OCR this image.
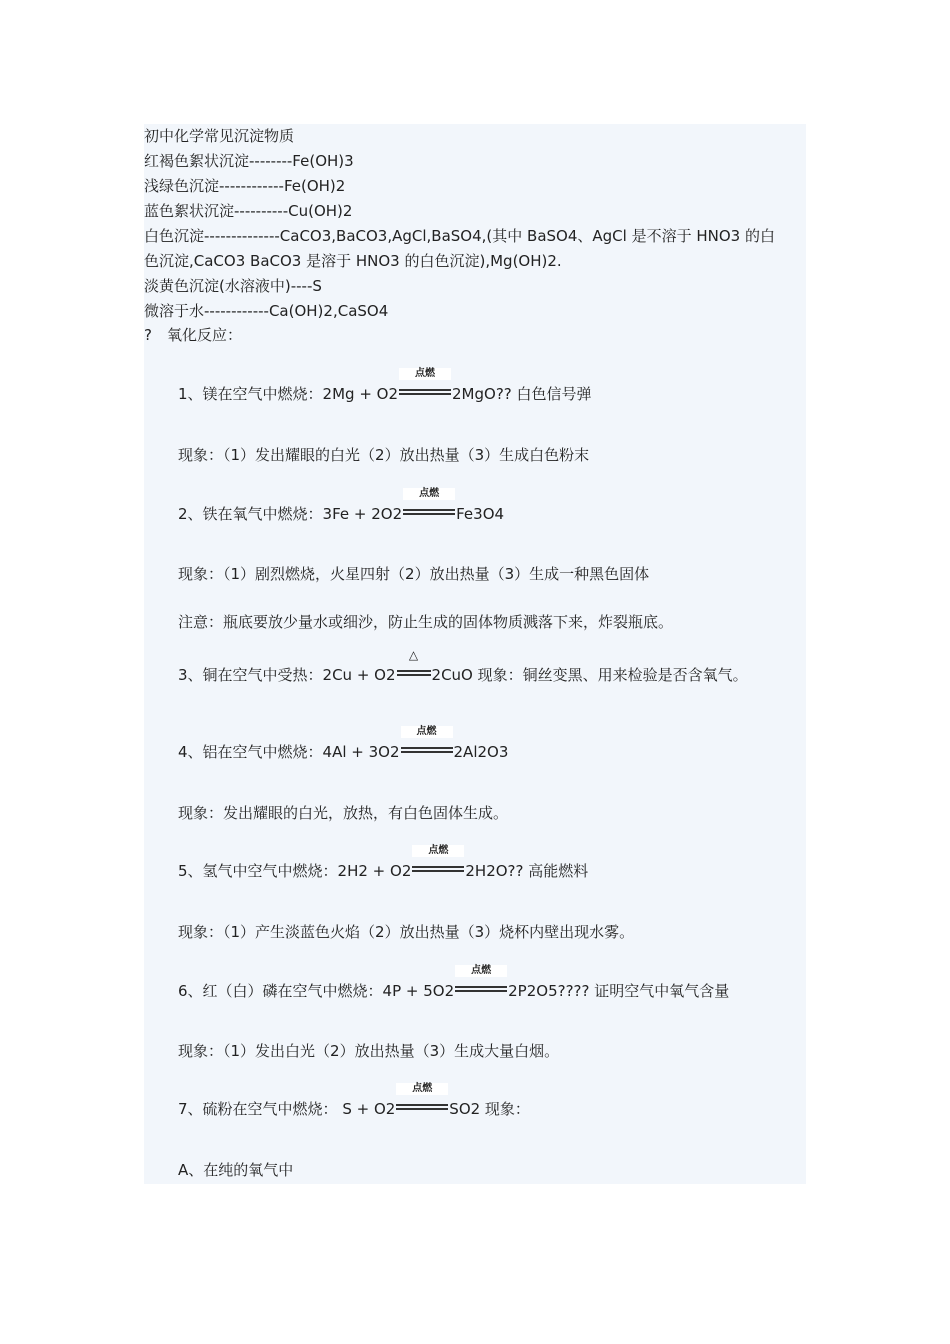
初中化学常见沉淀物质
红褐色絮状沉淀--------Fe(OH)3
浅绿色沉淀------------Fe(OH)2
蓝色絮状沉淀----------Cu(OH)2
白色沉淀--------------CaCO3,BaCO3,AgCl,BaSO4,(其中 BaSO4、AgCl 是不溶于 HNO3 的白
色沉淀,CaCO3 BaCO3 是溶于 HNO3 的白色沉淀),Mg(OH)2.
淡黄色沉淀(水溶液中)----S
微溶于水------------Ca(OH)2,CaSO4
?　氧化反应：
1、镁在空气中燃烧：2Mg + O2
点燃
2MgO?? 白色信号弹
现象：（1）发出耀眼的白光（2）放出热量（3）生成白色粉末
2、铁在氧气中燃烧：3Fe + 2O2
点燃
Fe3O4
现象：（1）剧烈燃烧，火星四射（2）放出热量（3）生成一种黑色固体
注意：瓶底要放少量水或细沙，防止生成的固体物质溅落下来，炸裂瓶底。
3、铜在空气中受热：2Cu + O2
△
2CuO 现象：铜丝变黑、用来检验是否含氧气。
4、铝在空气中燃烧：4Al + 3O2
点燃
2Al2O3
现象：发出耀眼的白光，放热，有白色固体生成。
5、氢气中空气中燃烧：2H2 + O2
点燃
2H2O?? 高能燃料
现象：（1）产生淡蓝色火焰（2）放出热量（3）烧杯内壁出现水雾。
6、红（白）磷在空气中燃烧：4P + 5O2
点燃
2P2O5???? 证明空气中氧气含量
现象：（1）发出白光（2）放出热量（3）生成大量白烟。
7、硫粉在空气中燃烧： S + O2
点燃
SO2 现象：
A、在纯的氧气中
